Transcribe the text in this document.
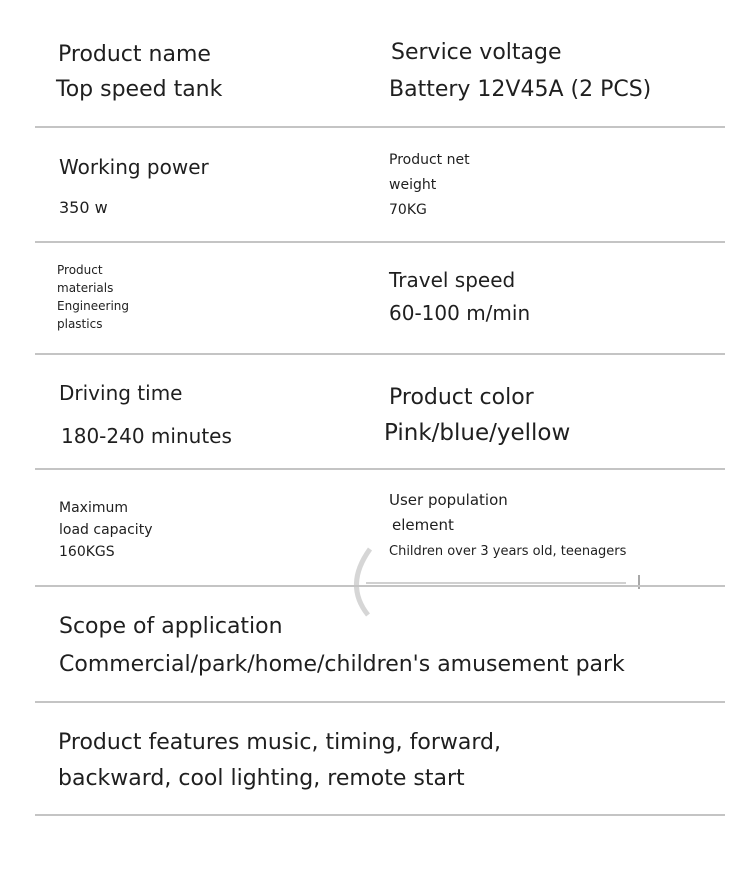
Product name
Top speed tank
Service voltage
Battery 12V45A (2 PCS)
Working power
350 w
Product net
weight
70KG
Product
materials
Engineering
plastics
Travel speed
60-100 m/min
Driving time
180-240 minutes
Product color
Pink/blue/yellow
Maximum
load capacity
160KGS
User population
element
Children over 3 years old, teenagers
Scope of application
Commercial/park/home/children's amusement park
Product features music, timing, forward,
backward, cool lighting, remote start
